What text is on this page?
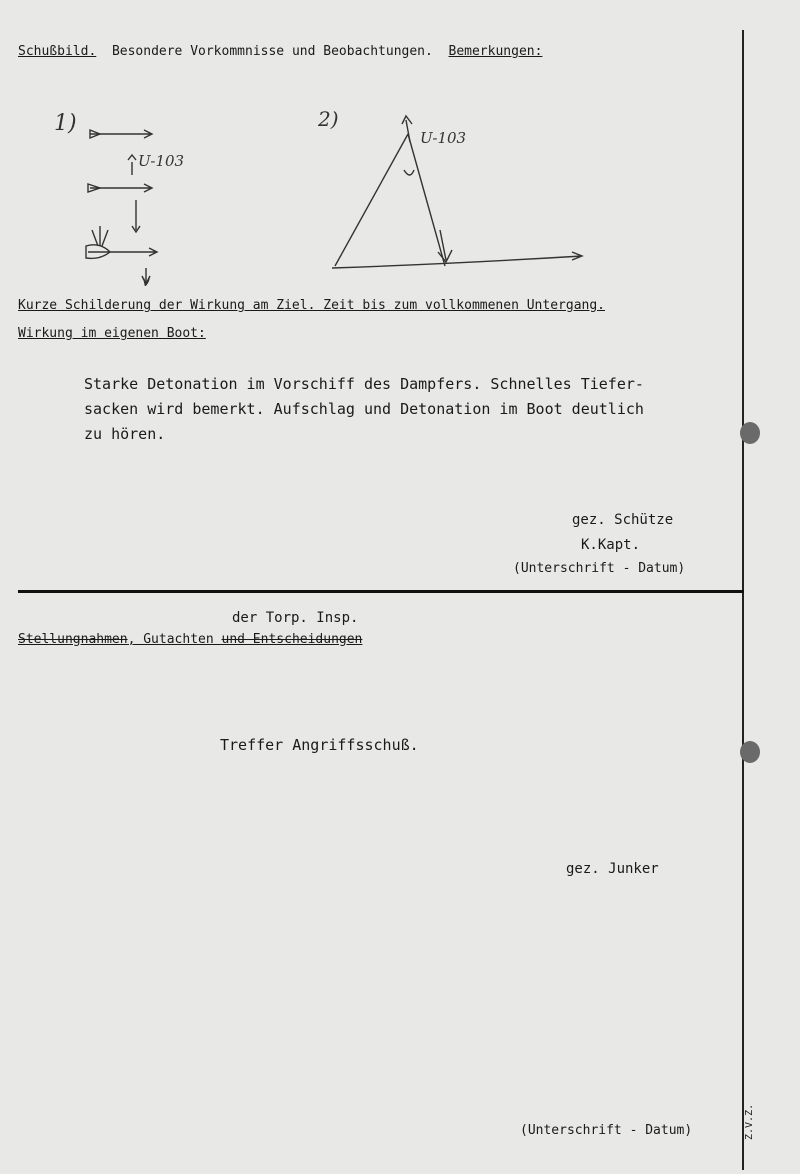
Schußbild. Besondere Vorkommnisse und Beobachtungen. Bemerkungen:
1)	2)
U-103
U-103
v
Kurze Schilderung der Wirkung am Ziel. Zeit bis zum vollkommenen Untergang.
Wirkung im eigenen Boot:
Starke Detonation im Vorschiff des Dampfers. Schnelles Tiefer-
sacken wird bemerkt. Aufschlag und Detonation im Boot deutlich
zu hören.
gez. Schütze
K.Kapt.
(Unterschrift - Datum)
der Torp. Insp.
Stellungnahmen, Gutachten und Entscheidungen
Treffer Angriffsschuß.
gez. Junker
(Unterschrift - Datum)	Z.V.Z.
